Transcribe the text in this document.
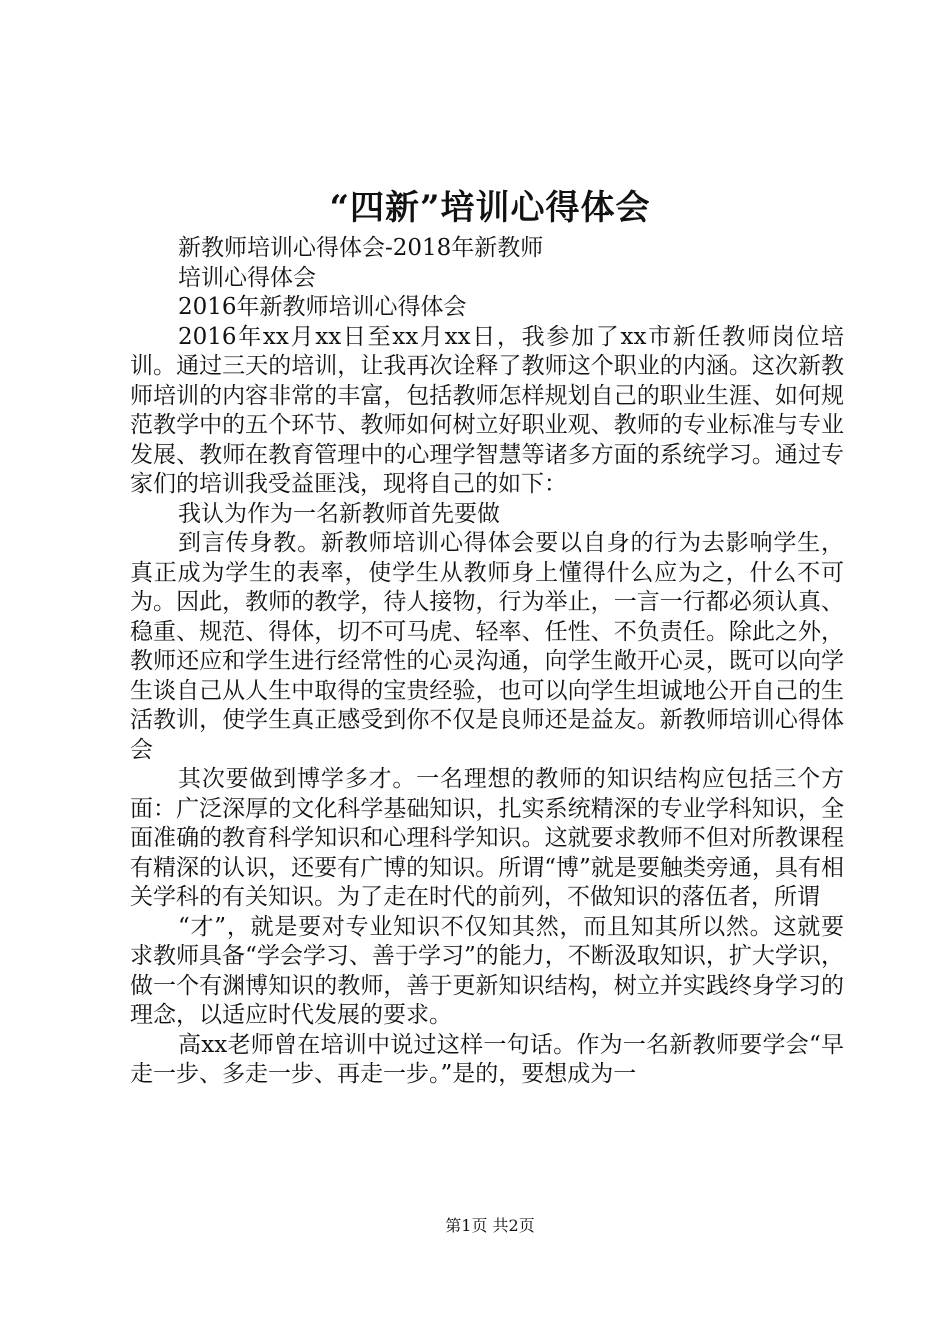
“四新”培训心得体会

新教师培训心得体会-2018年新教师

培训心得体会

2016年新教师培训心得体会

2016年xx月xx日至xx月xx日，我参加了xx市新任教师岗位培训。通过三天的培训，让我再次诠释了教师这个职业的内涵。这次新教师培训的内容非常的丰富，包括教师怎样规划自己的职业生涯、如何规范教学中的五个环节、教师如何树立好职业观、教师的专业标准与专业发展、教师在教育管理中的心理学智慧等诸多方面的系统学习。通过专家们的培训我受益匪浅，现将自己的如下：

我认为作为一名新教师首先要做

到言传身教。新教师培训心得体会要以自身的行为去影响学生，真正成为学生的表率，使学生从教师身上懂得什么应为之，什么不可为。因此，教师的教学，待人接物，行为举止，一言一行都必须认真、稳重、规范、得体，切不可马虎、轻率、任性、不负责任。除此之外，教师还应和学生进行经常性的心灵沟通，向学生敞开心灵，既可以向学生谈自己从人生中取得的宝贵经验，也可以向学生坦诚地公开自己的生活教训，使学生真正感受到你不仅是良师还是益友。新教师培训心得体会

其次要做到博学多才。一名理想的教师的知识结构应包括三个方面：广泛深厚的文化科学基础知识，扎实系统精深的专业学科知识，全面准确的教育科学知识和心理科学知识。这就要求教师不但对所教课程有精深的认识，还要有广博的知识。所谓“博”就是要触类旁通，具有相关学科的有关知识。为了走在时代的前列，不做知识的落伍者，所谓

“才”，就是要对专业知识不仅知其然，而且知其所以然。这就要求教师具备“学会学习、善于学习”的能力，不断汲取知识，扩大学识，做一个有渊博知识的教师，善于更新知识结构，树立并实践终身学习的理念，以适应时代发展的要求。

高xx老师曾在培训中说过这样一句话。作为一名新教师要学会“早走一步、多走一步、再走一步。”是的，要想成为一

第1页 共2页
